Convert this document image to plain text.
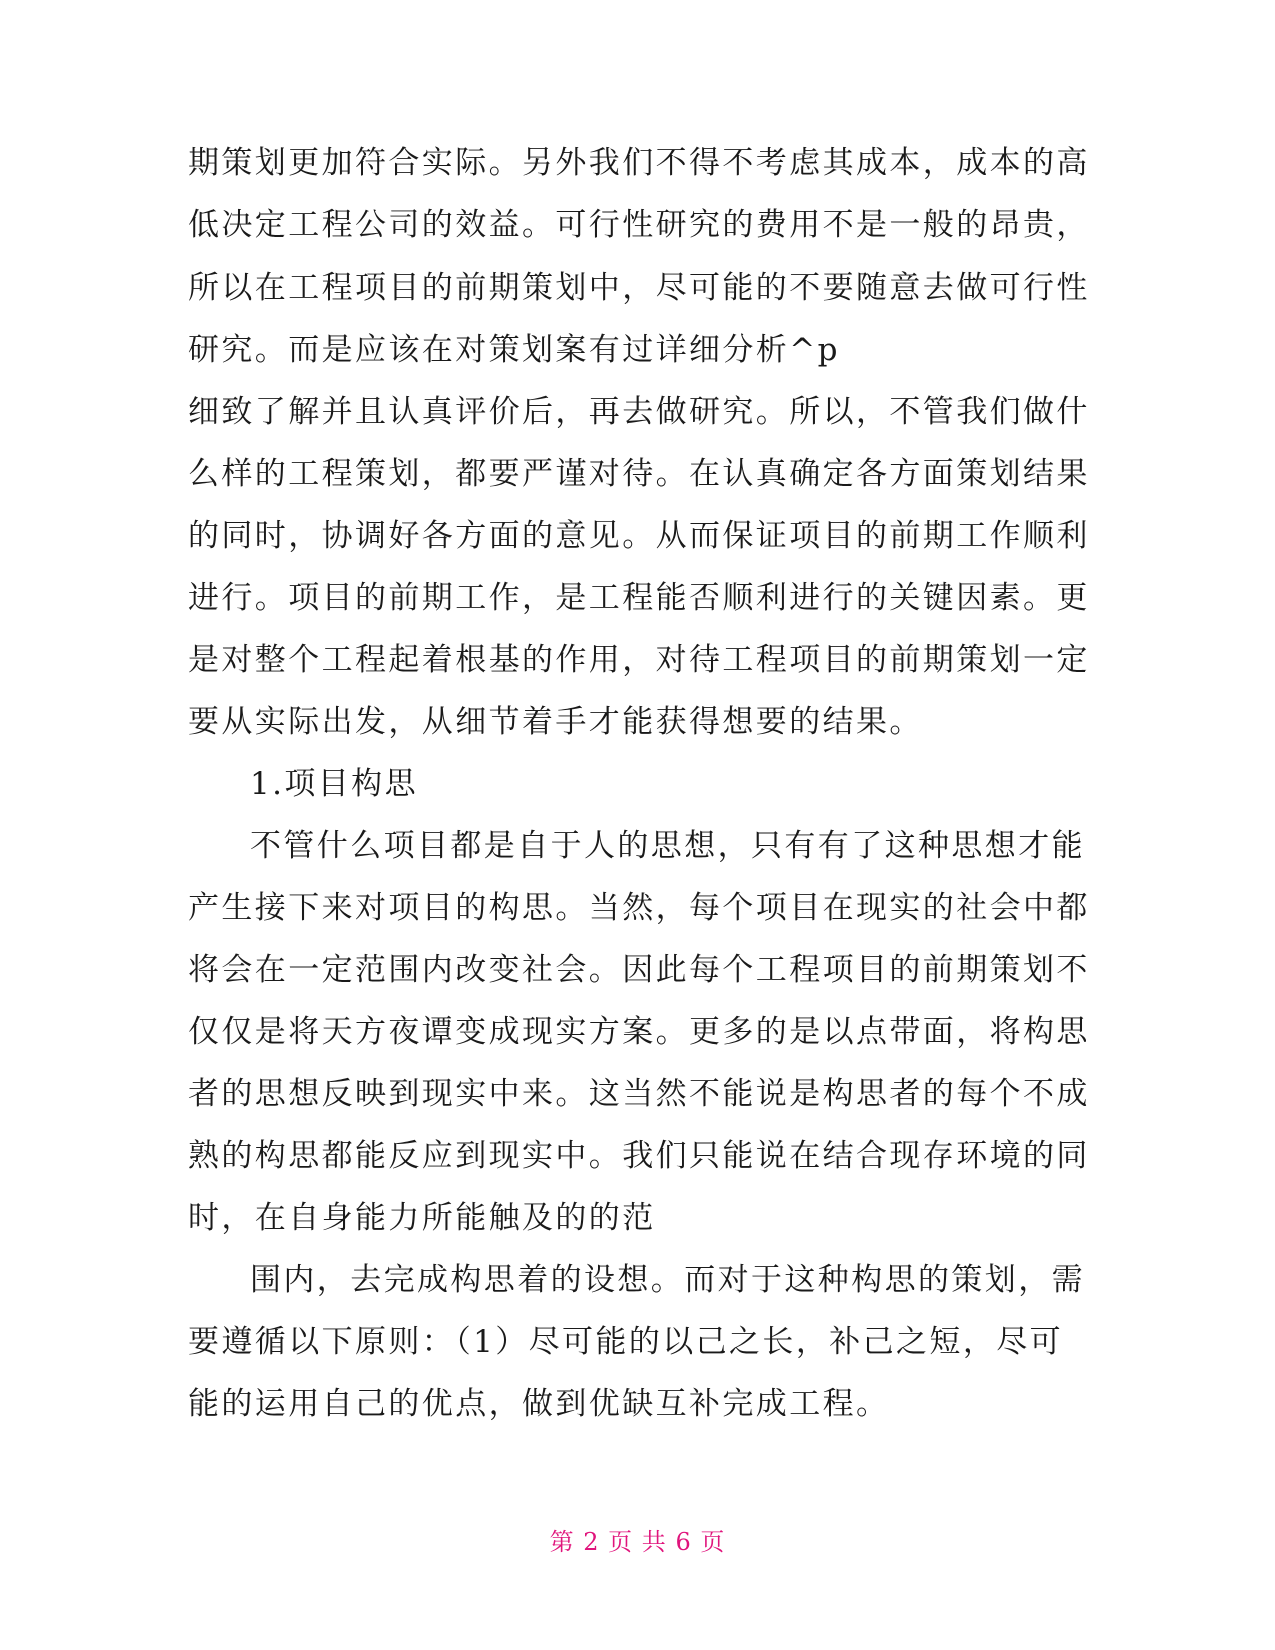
期策划更加符合实际。另外我们不得不考虑其成本，成本的高
低决定工程公司的效益。可行性研究的费用不是一般的昂贵，
所以在工程项目的前期策划中，尽可能的不要随意去做可行性
研究。而是应该在对策划案有过详细分析^p
细致了解并且认真评价后，再去做研究。所以，不管我们做什
么样的工程策划，都要严谨对待。在认真确定各方面策划结果
的同时，协调好各方面的意见。从而保证项目的前期工作顺利
进行。项目的前期工作，是工程能否顺利进行的关键因素。更
是对整个工程起着根基的作用，对待工程项目的前期策划一定
要从实际出发，从细节着手才能获得想要的结果。
1.项目构思
不管什么项目都是自于人的思想，只有有了这种思想才能
产生接下来对项目的构思。当然，每个项目在现实的社会中都
将会在一定范围内改变社会。因此每个工程项目的前期策划不
仅仅是将天方夜谭变成现实方案。更多的是以点带面，将构思
者的思想反映到现实中来。这当然不能说是构思者的每个不成
熟的构思都能反应到现实中。我们只能说在结合现存环境的同
时，在自身能力所能触及的的范
围内，去完成构思着的设想。而对于这种构思的策划，需
要遵循以下原则：（1）尽可能的以己之长，补己之短，尽可
能的运用自己的优点，做到优缺互补完成工程。
第 2 页 共 6 页
